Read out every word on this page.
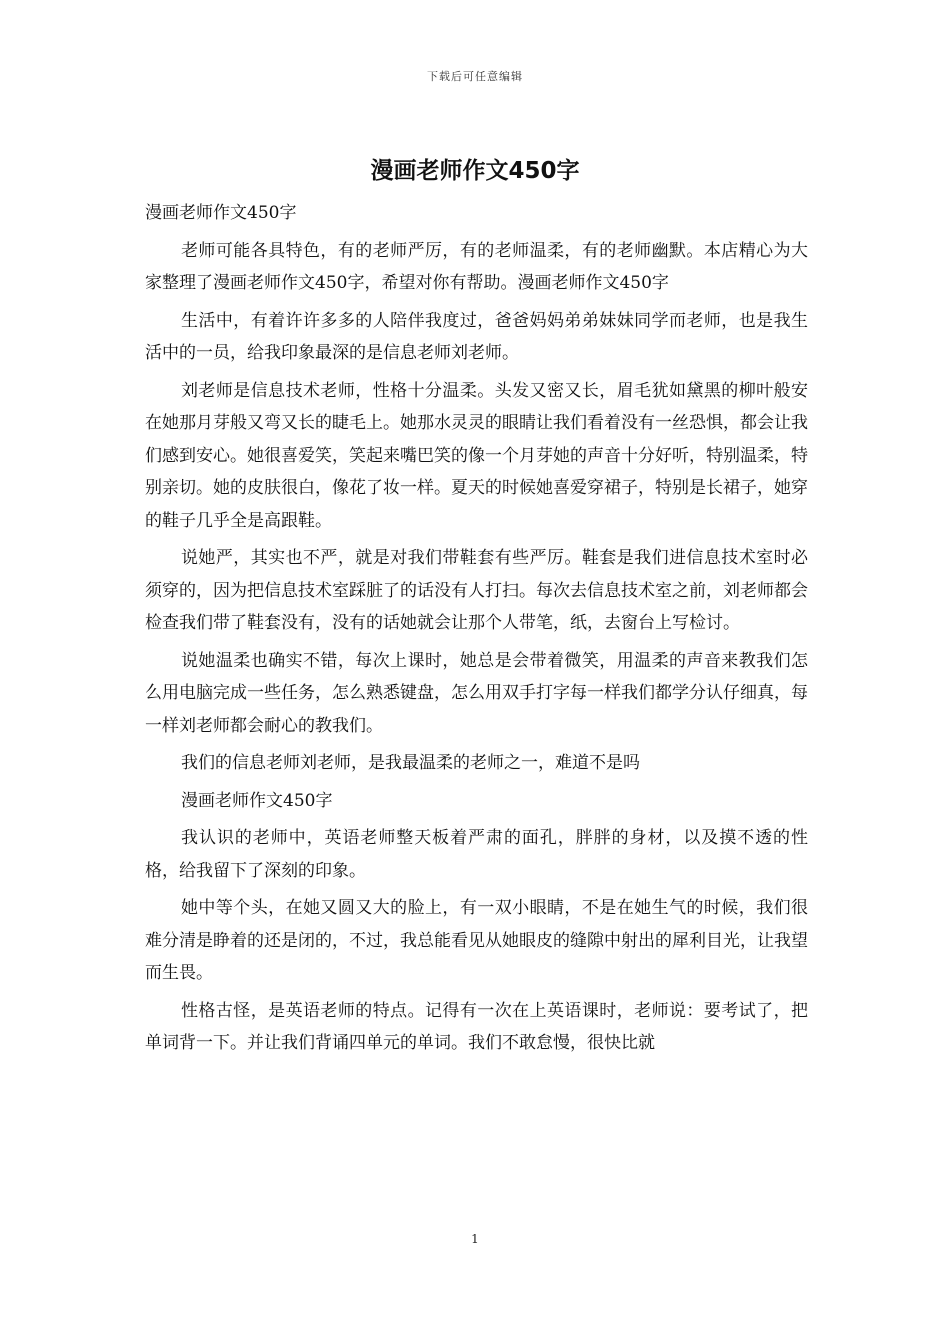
下载后可任意编辑
漫画老师作文450字

漫画老师作文450字

老师可能各具特色，有的老师严厉，有的老师温柔，有的老师幽默。本店精心为大家整理了漫画老师作文450字，希望对你有帮助。漫画老师作文450字

生活中，有着许许多多的人陪伴我度过，爸爸妈妈弟弟妹妹同学而老师，也是我生活中的一员，给我印象最深的是信息老师刘老师。

刘老师是信息技术老师，性格十分温柔。头发又密又长，眉毛犹如黛黑的柳叶般安在她那月芽般又弯又长的睫毛上。她那水灵灵的眼睛让我们看着没有一丝恐惧，都会让我们感到安心。她很喜爱笑，笑起来嘴巴笑的像一个月芽她的声音十分好听，特别温柔，特别亲切。她的皮肤很白，像花了妆一样。夏天的时候她喜爱穿裙子，特别是长裙子，她穿的鞋子几乎全是高跟鞋。

说她严，其实也不严，就是对我们带鞋套有些严厉。鞋套是我们进信息技术室时必须穿的，因为把信息技术室踩脏了的话没有人打扫。每次去信息技术室之前，刘老师都会检查我们带了鞋套没有，没有的话她就会让那个人带笔，纸，去窗台上写检讨。

说她温柔也确实不错，每次上课时，她总是会带着微笑，用温柔的声音来教我们怎么用电脑完成一些任务，怎么熟悉键盘，怎么用双手打字每一样我们都学分认仔细真，每一样刘老师都会耐心的教我们。

我们的信息老师刘老师，是我最温柔的老师之一，难道不是吗

漫画老师作文450字

我认识的老师中，英语老师整天板着严肃的面孔，胖胖的身材，以及摸不透的性格，给我留下了深刻的印象。

她中等个头，在她又圆又大的脸上，有一双小眼睛，不是在她生气的时候，我们很难分清是睁着的还是闭的，不过，我总能看见从她眼皮的缝隙中射出的犀利目光，让我望而生畏。

性格古怪，是英语老师的特点。记得有一次在上英语课时，老师说：要考试了，把单词背一下。并让我们背诵四单元的单词。我们不敢怠慢，很快比就

1
